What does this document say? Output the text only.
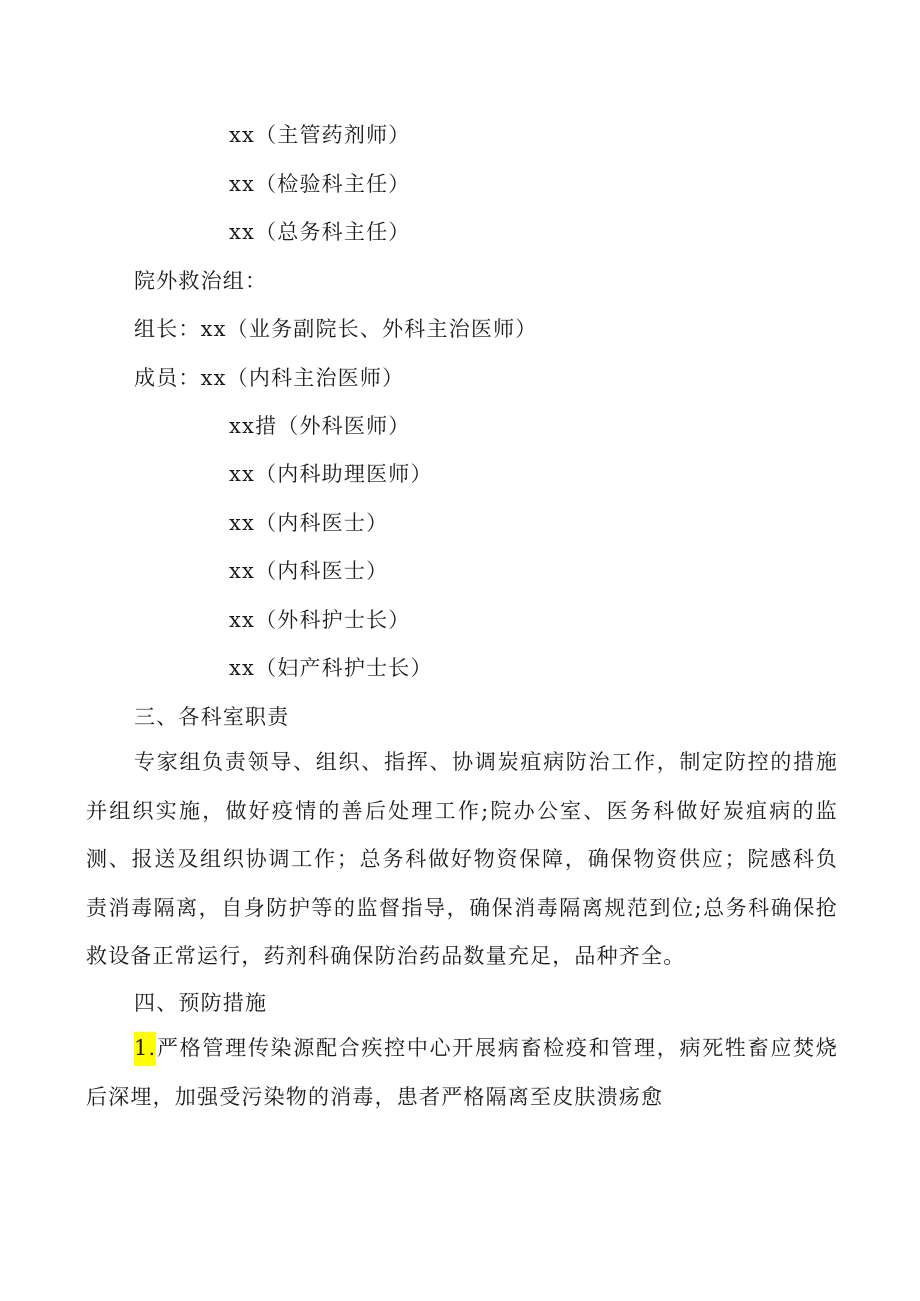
xx（主管药剂师）
xx（检验科主任）
xx（总务科主任）
院外救治组：
组长：xx（业务副院长、外科主治医师）
成员：xx（内科主治医师）
xx措（外科医师）
xx（内科助理医师）
xx（内科医士）
xx（内科医士）
xx（外科护士长）
xx（妇产科护士长）
三、各科室职责

专家组负责领导、组织、指挥、协调炭疽病防治工作，制定防控的措施并组织实施，做好疫情的善后处理工作;院办公室、医务科做好炭疽病的监测、报送及组织协调工作；总务科做好物资保障，确保物资供应；院感科负责消毒隔离，自身防护等的监督指导，确保消毒隔离规范到位;总务科确保抢救设备正常运行，药剂科确保防治药品数量充足，品种齐全。

四、预防措施

1.严格管理传染源配合疾控中心开展病畜检疫和管理，病死牲畜应焚烧后深埋，加强受污染物的消毒，患者严格隔离至皮肤溃疡愈
